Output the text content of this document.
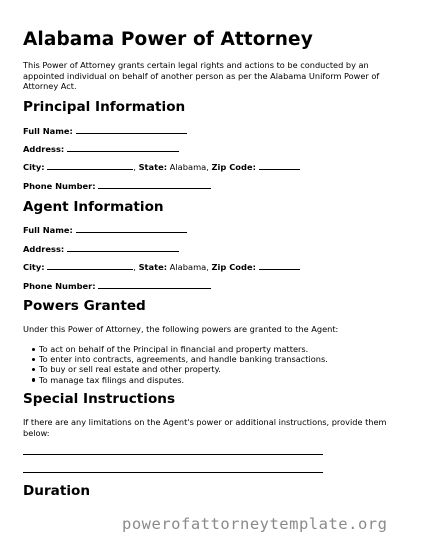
Alabama Power of Attorney

This Power of Attorney grants certain legal rights and actions to be conducted by an appointed individual on behalf of another person as per the Alabama Uniform Power of Attorney Act.

Principal Information
Full Name:
Address:
City:	, State: Alabama, Zip Code:
Phone Number:
Agent Information
Full Name:
Address:
City:	, State: Alabama, Zip Code:
Phone Number:
Powers Granted

Under this Power of Attorney, the following powers are granted to the Agent:

To act on behalf of the Principal in financial and property matters.
To enter into contracts, agreements, and handle banking transactions.
To buy or sell real estate and other property.
To manage tax filings and disputes.
Special Instructions

If there are any limitations on the Agent's power or additional instructions, provide them below:

Duration
powerofattorneytemplate.org
